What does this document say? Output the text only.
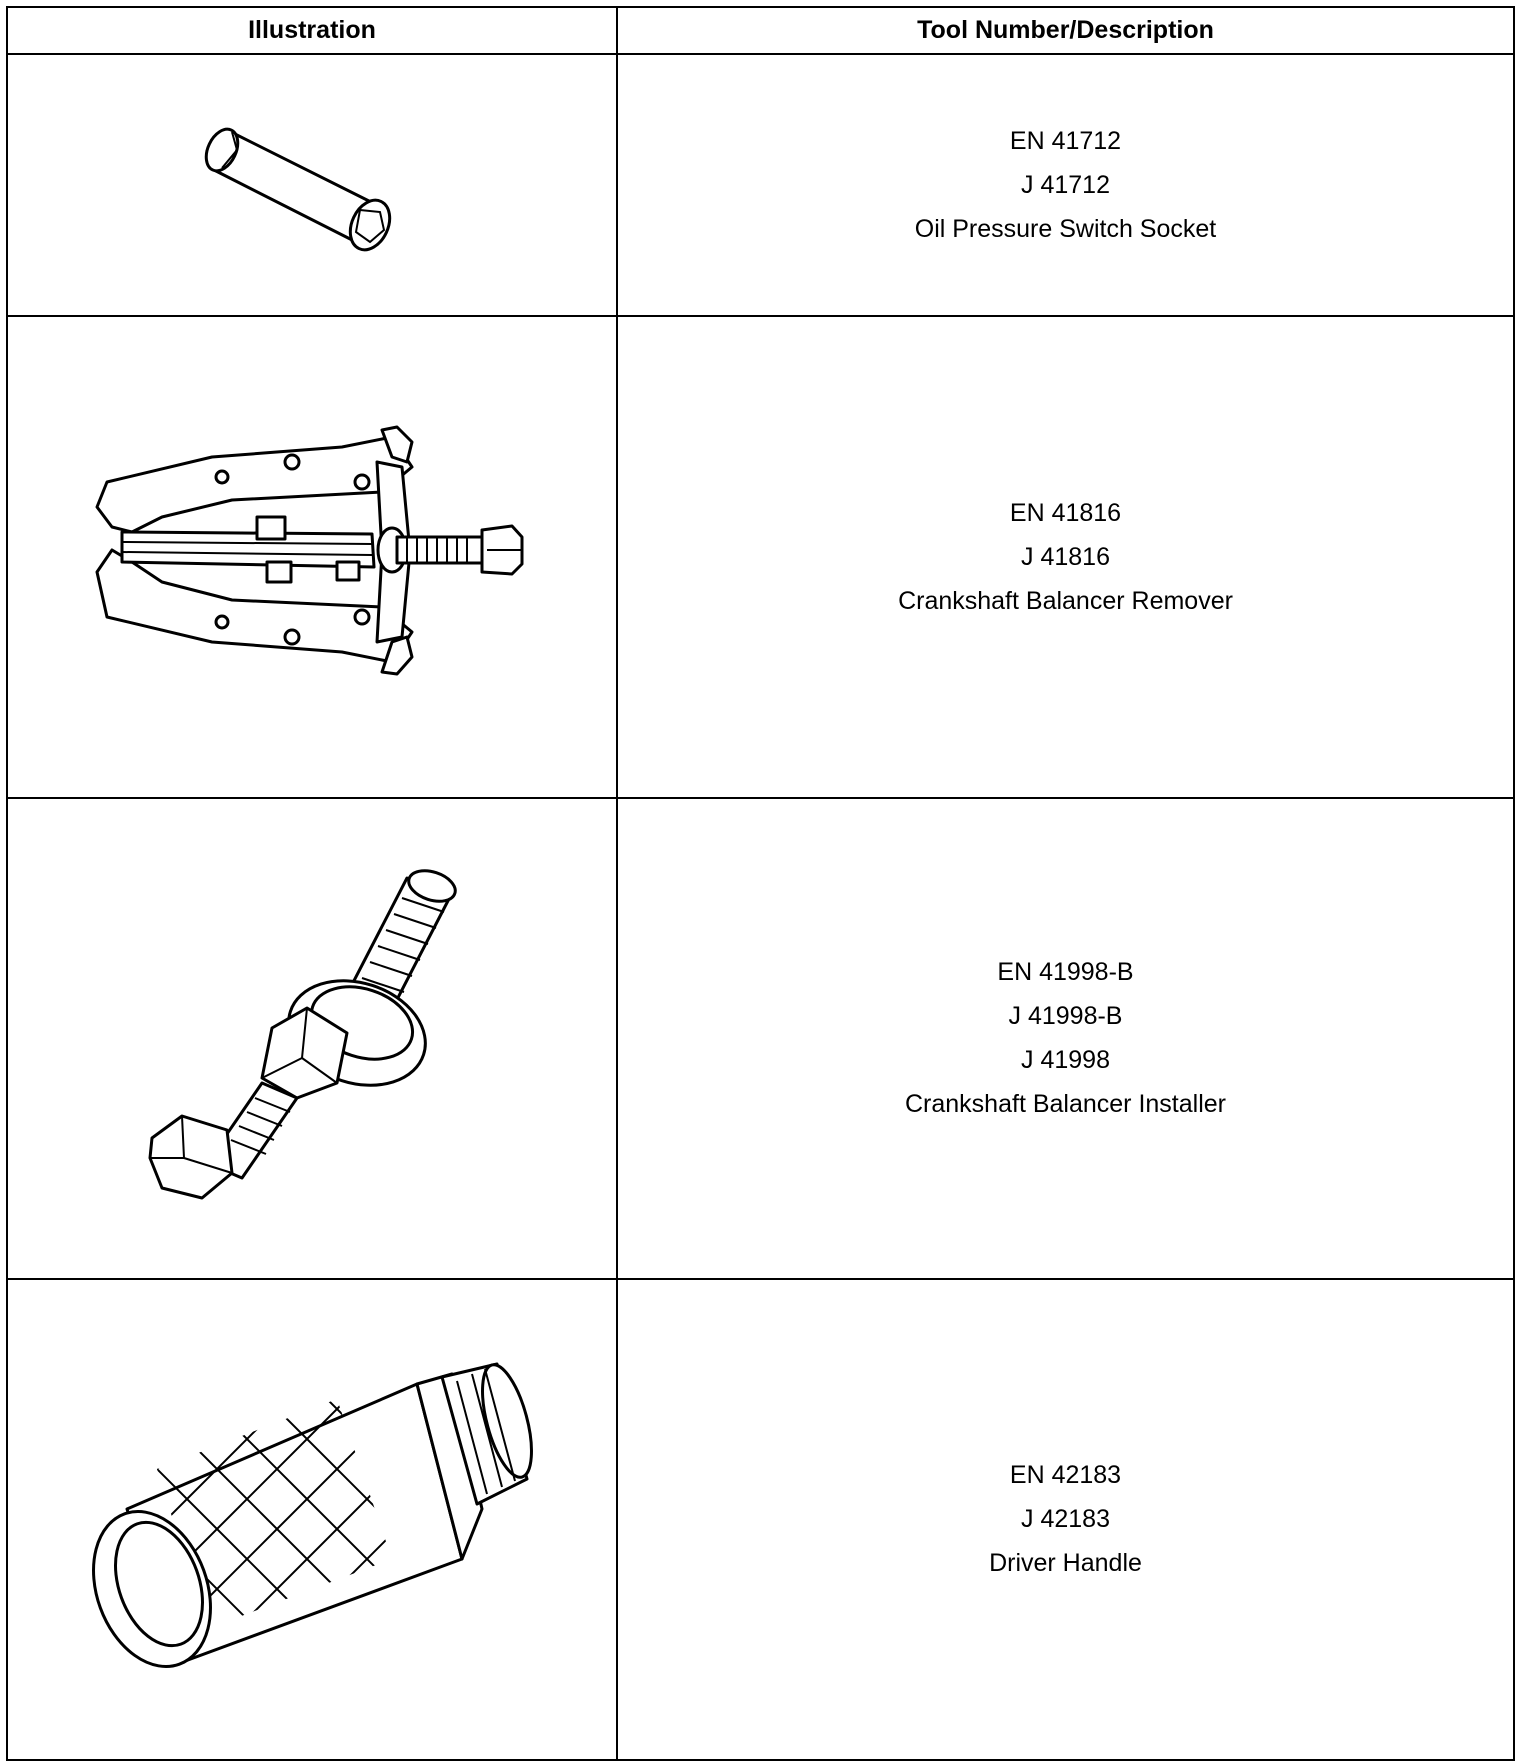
Illustration	Tool Number/Description

EN 41712
J 41712
Oil Pressure Switch Socket

EN 41816
J 41816
Crankshaft Balancer Remover

EN 41998-B
J 41998-B
J 41998
Crankshaft Balancer Installer

EN 42183
J 42183
Driver Handle
